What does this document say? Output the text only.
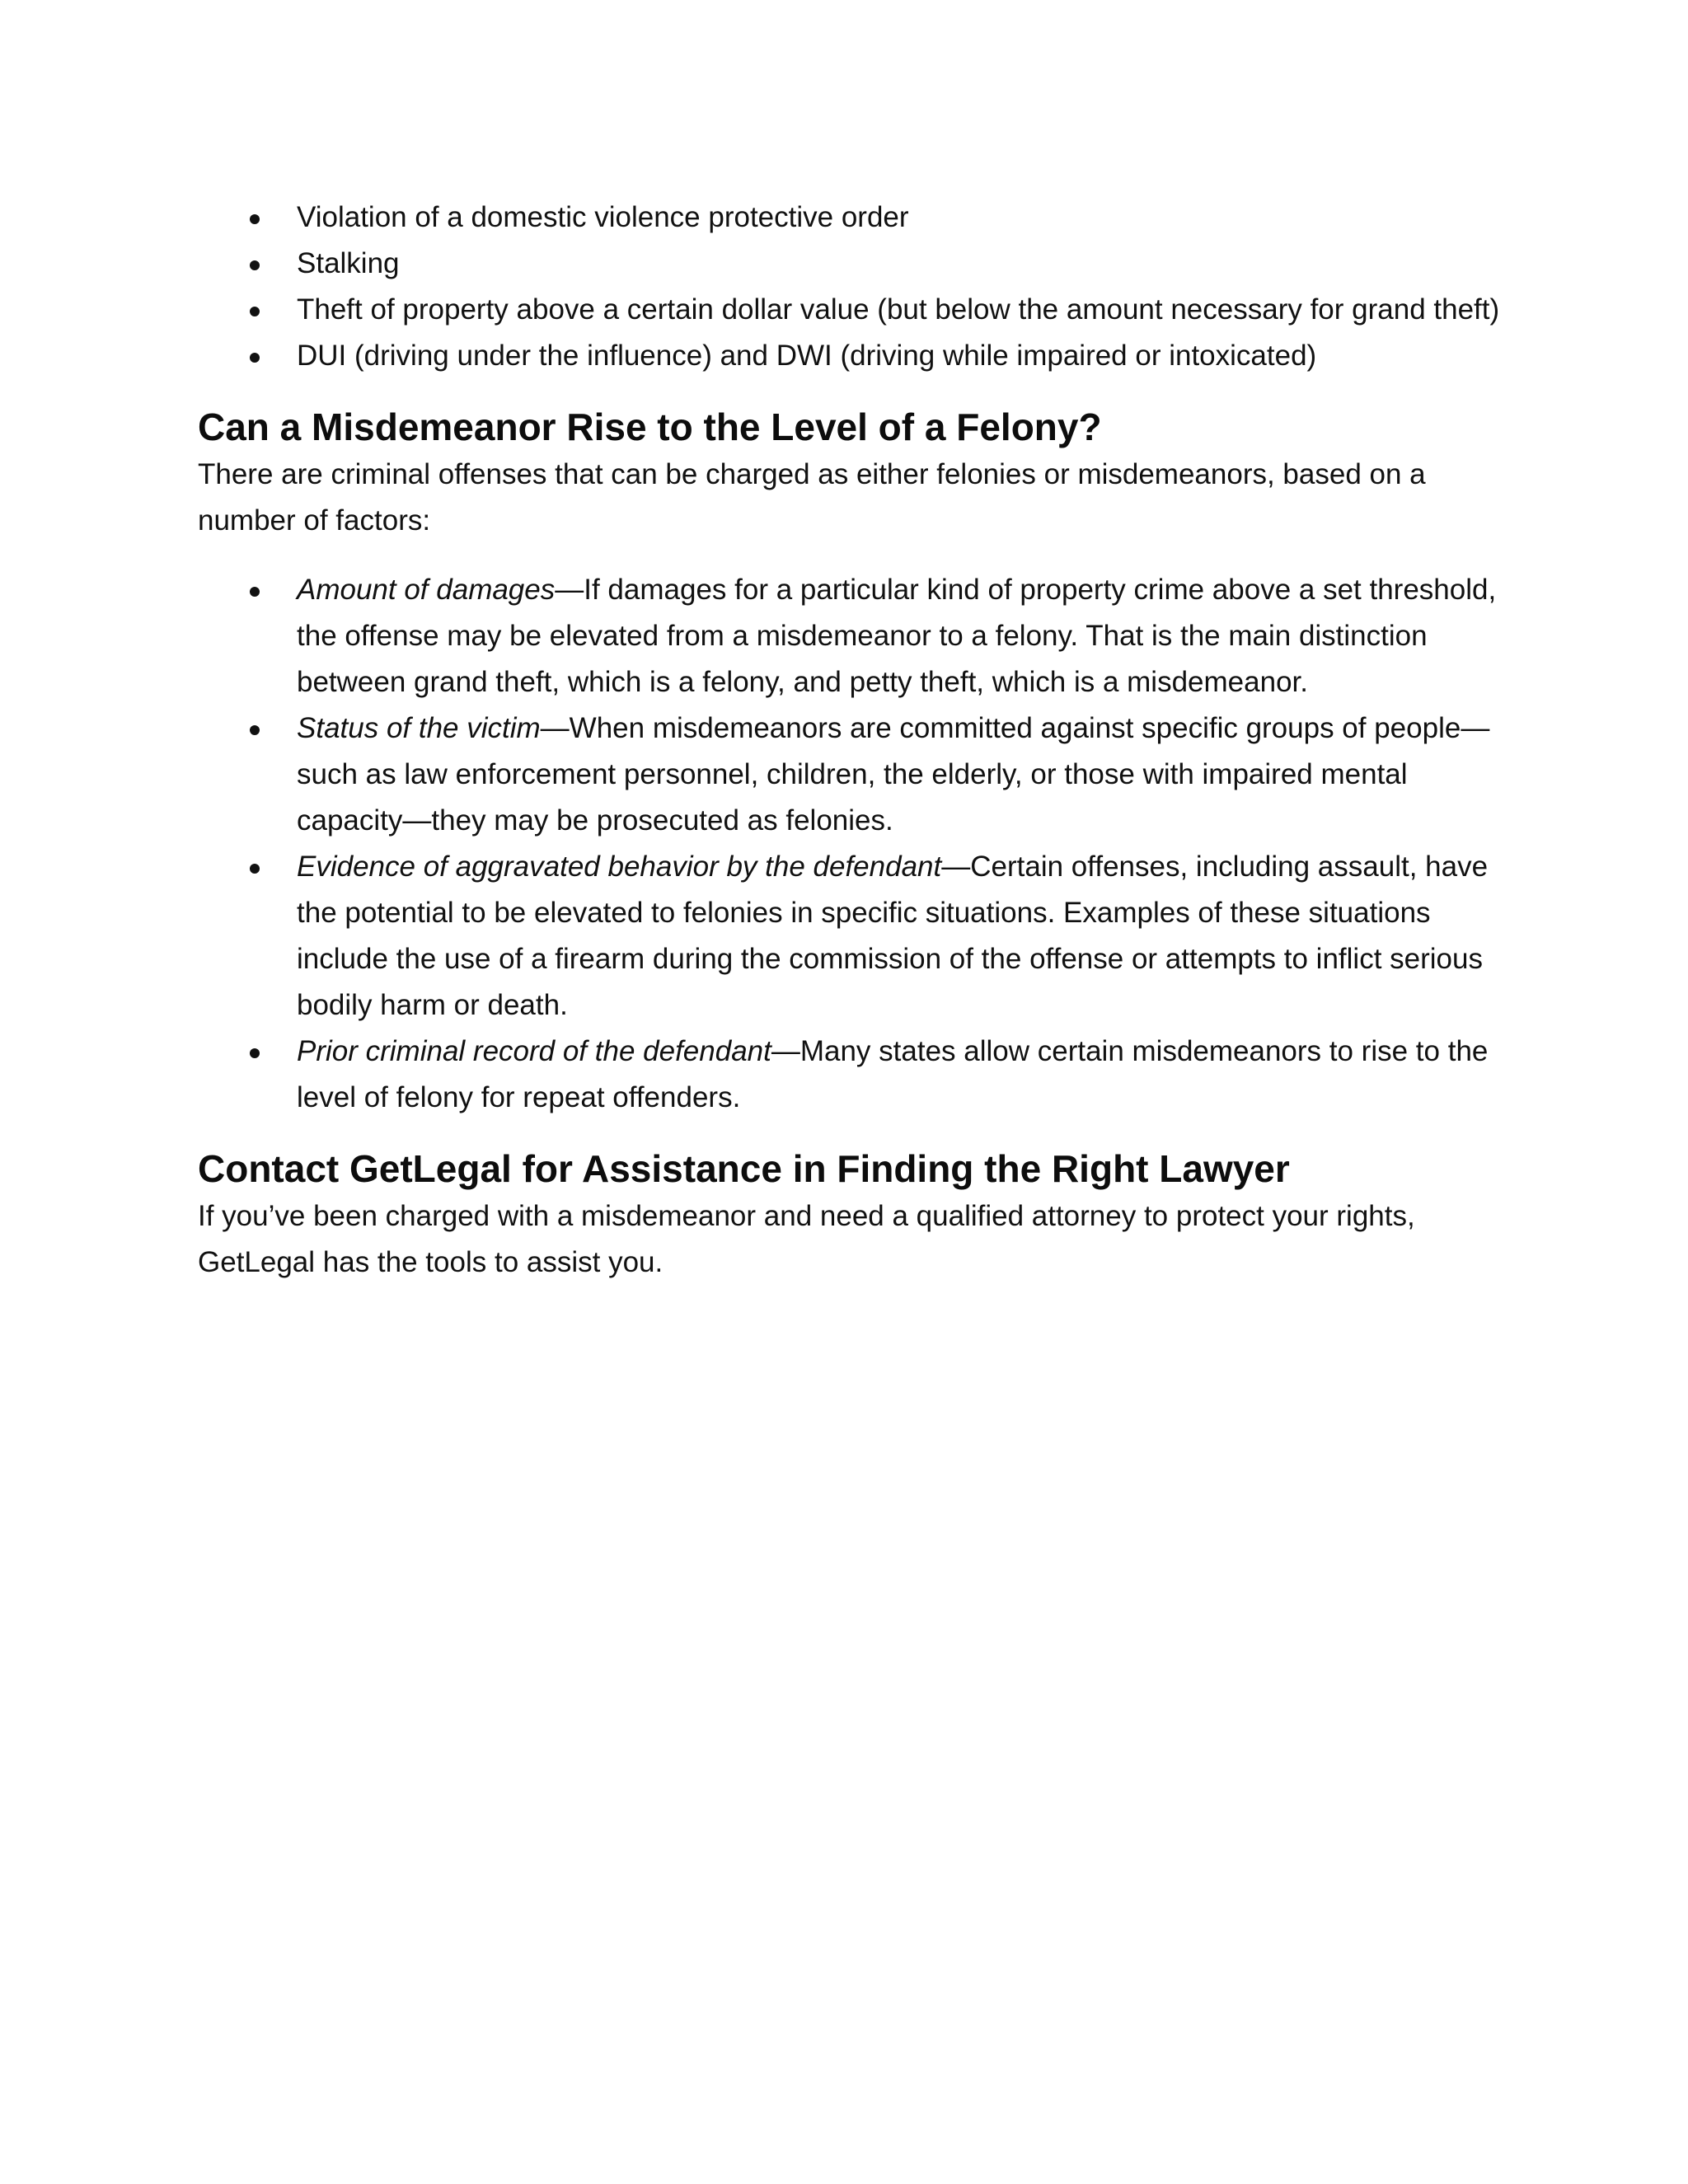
Violation of a domestic violence protective order
Stalking
Theft of property above a certain dollar value (but below the amount necessary for grand theft)
DUI (driving under the influence) and DWI (driving while impaired or intoxicated)
Can a Misdemeanor Rise to the Level of a Felony?

There are criminal offenses that can be charged as either felonies or misdemeanors, based on a number of factors:

Amount of damages—If damages for a particular kind of property crime above a set threshold, the offense may be elevated from a misdemeanor to a felony. That is the main distinction between grand theft, which is a felony, and petty theft, which is a misdemeanor.
Status of the victim—When misdemeanors are committed against specific groups of people—such as law enforcement personnel, children, the elderly, or those with impaired mental capacity—they may be prosecuted as felonies.
Evidence of aggravated behavior by the defendant—Certain offenses, including assault, have the potential to be elevated to felonies in specific situations. Examples of these situations include the use of a firearm during the commission of the offense or attempts to inflict serious bodily harm or death.
Prior criminal record of the defendant—Many states allow certain misdemeanors to rise to the level of felony for repeat offenders.
Contact GetLegal for Assistance in Finding the Right Lawyer

If you’ve been charged with a misdemeanor and need a qualified attorney to protect your rights, GetLegal has the tools to assist you.
